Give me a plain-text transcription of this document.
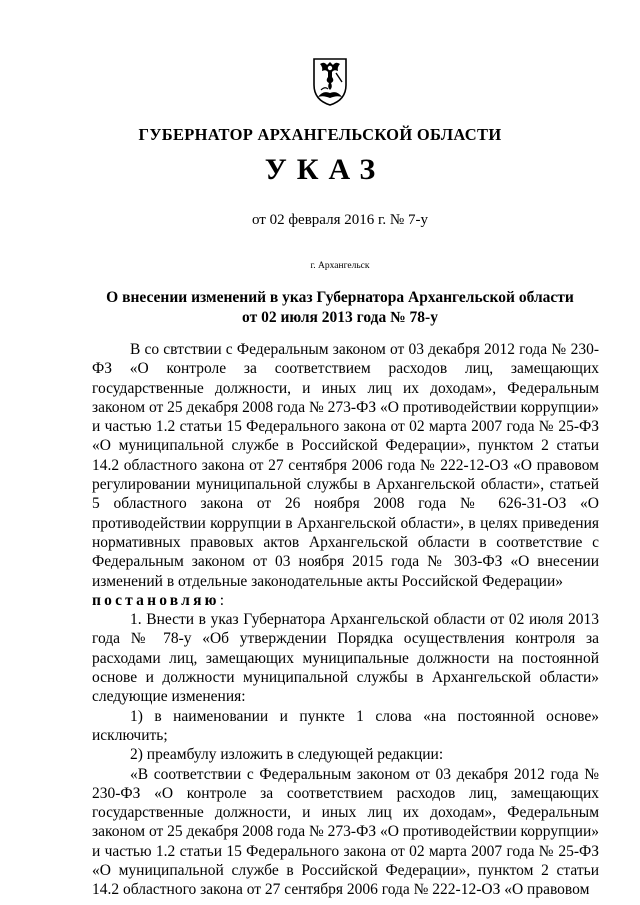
ГУБЕРНАТОР АРХАНГЕЛЬСКОЙ ОБЛАСТИ
УКАЗ
от 02 февраля 2016 г. № 7-у
г. Архангельск
О внесении изменений в указ Губернатора Архангельской области
от 02 июля 2013 года № 78-у

В со свтствии с Федеральным законом от 03 декабря 2012 года № 230-ФЗ «О контроле за соответствием расходов лиц, замещающих государственные должности, и иных лиц их доходам», Федеральным законом от 25 декабря 2008 года № 273-ФЗ «О противодействии коррупции» и частью 1.2 статьи 15 Федерального закона от 02 марта 2007 года № 25-ФЗ «О муниципальной службе в Российской Федерации», пунктом 2 статьи 14.2 областного закона от 27 сентября 2006 года № 222-12-ОЗ «О правовом регулировании муниципальной службы в Архангельской области», статьей 5 областного закона от 26 ноября 2008 года № 626-31-ОЗ «О противодействии коррупции в Архангельской области», в целях приведения нормативных правовых актов Архангельской области в соответствие с Федеральным законом от 03 ноября 2015 года № 303-ФЗ «О внесении изменений в отдельные законодательные акты Российской Федерации»

постановляю:

1. Внести в указ Губернатора Архангельской области от 02 июля 2013 года № 78-у «Об утверждении Порядка осуществления контроля за расходами лиц, замещающих муниципальные должности на постоянной основе и должности муниципальной службы в Архангельской области» следующие изменения:

1) в наименовании и пункте 1 слова «на постоянной основе» исключить;

2) преамбулу изложить в следующей редакции:

«В соответствии с Федеральным законом от 03 декабря 2012 года № 230-ФЗ «О контроле за соответствием расходов лиц, замещающих государственные должности, и иных лиц их доходам», Федеральным законом от 25 декабря 2008 года № 273-ФЗ «О противодействии коррупции» и частью 1.2 статьи 15 Федерального закона от 02 марта 2007 года № 25-ФЗ «О муниципальной службе в Российской Федерации», пунктом 2 статьи 14.2 областного закона от 27 сентября 2006 года № 222-12-ОЗ «О правовом
